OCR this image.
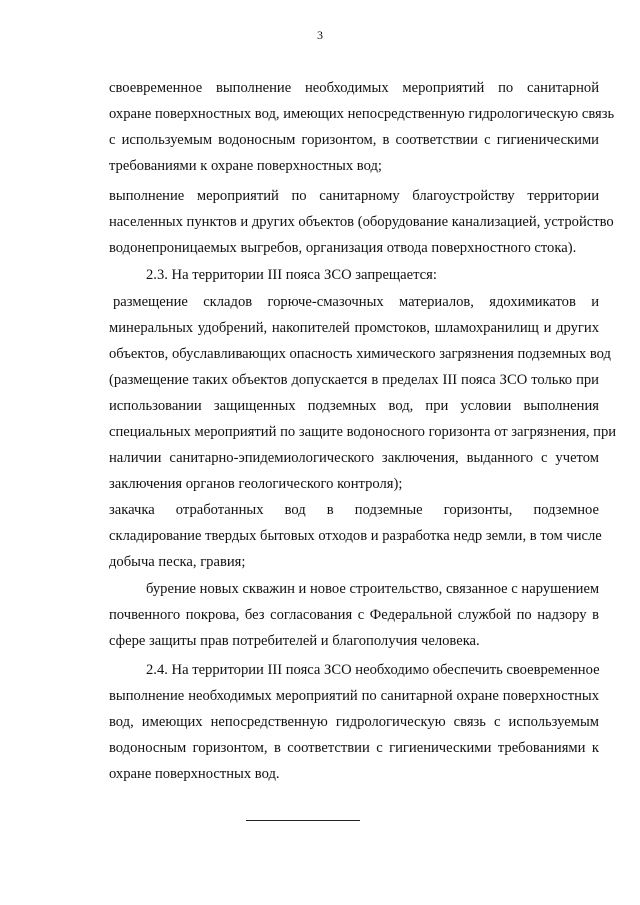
3
своевременное выполнение необходимых мероприятий по санитарной
охране поверхностных вод, имеющих непосредственную гидрологическую связь
с используемым водоносным горизонтом, в соответствии с гигиеническими
требованиями к охране поверхностных вод;
выполнение мероприятий по санитарному благоустройству территории
населенных пунктов и других объектов (оборудование канализацией, устройство
водонепроницаемых выгребов, организация отвода поверхностного стока).
2.3. На территории III пояса ЗСО запрещается:
размещение складов горюче-смазочных материалов, ядохимикатов и
минеральных удобрений, накопителей промстоков, шламохранилищ и других
объектов, обуславливающих опасность химического загрязнения подземных вод
(размещение таких объектов допускается в пределах III пояса ЗСО только при
использовании защищенных подземных вод, при условии выполнения
специальных мероприятий по защите водоносного горизонта от загрязнения, при
наличии санитарно-эпидемиологического заключения, выданного с учетом
заключения органов геологического контроля);
закачка отработанных вод в подземные горизонты, подземное
складирование твердых бытовых отходов и разработка недр земли, в том числе
добыча песка, гравия;
бурение новых скважин и новое строительство, связанное с нарушением
почвенного покрова, без согласования с Федеральной службой по надзору в
сфере защиты прав потребителей и благополучия человека.
2.4. На территории III пояса ЗСО необходимо обеспечить своевременное
выполнение необходимых мероприятий по санитарной охране поверхностных
вод, имеющих непосредственную гидрологическую связь с используемым
водоносным горизонтом, в соответствии с гигиеническими требованиями к
охране поверхностных вод.
